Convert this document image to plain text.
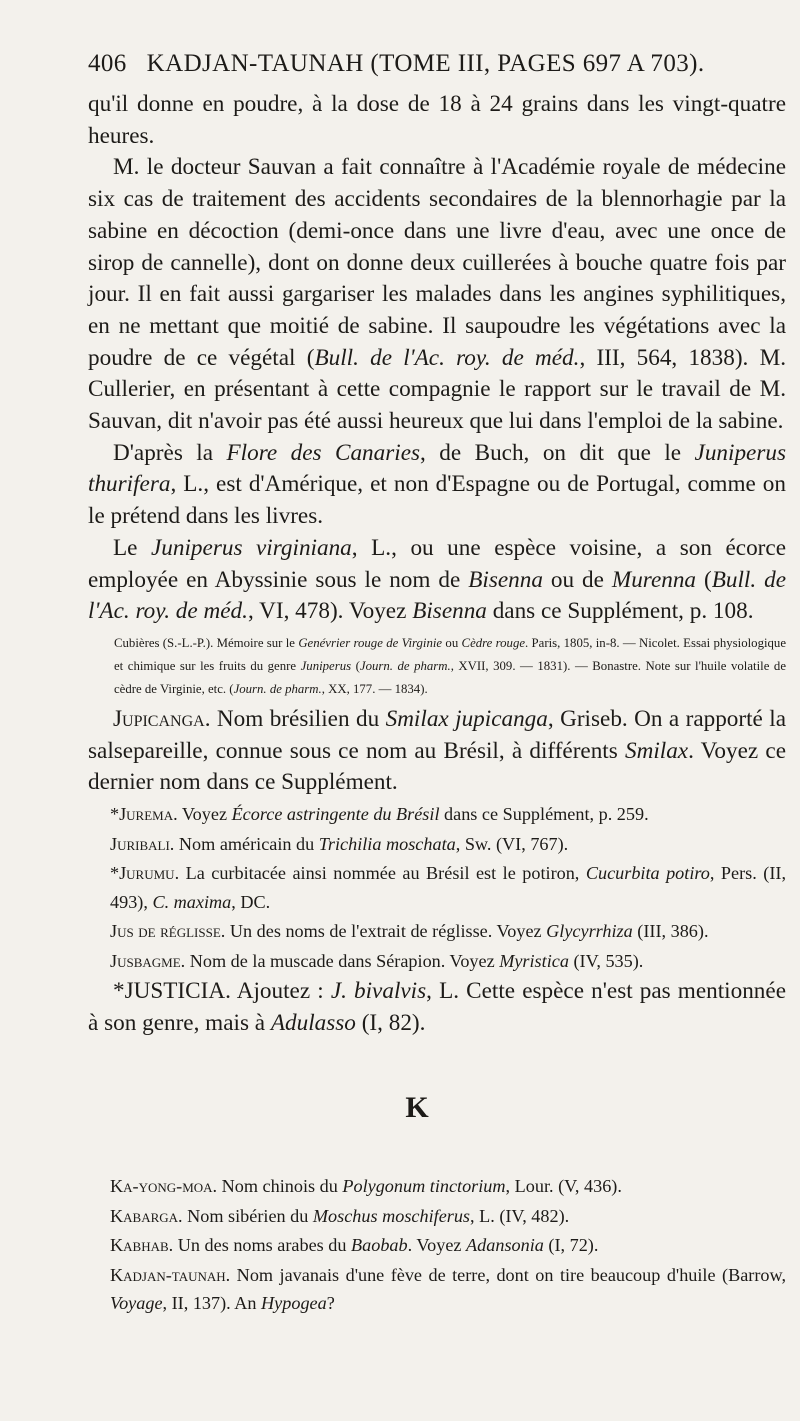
406 KADJAN-TAUNAH (TOME III, PAGES 697 A 703).

qu'il donne en poudre, à la dose de 18 à 24 grains dans les vingt-quatre heures.

M. le docteur Sauvan a fait connaître à l'Académie royale de médecine six cas de traitement des accidents secondaires de la blennorhagie par la sabine en décoction (demi-once dans une livre d'eau, avec une once de sirop de cannelle), dont on donne deux cuillerées à bouche quatre fois par jour. Il en fait aussi gargariser les malades dans les angines syphilitiques, en ne mettant que moitié de sabine. Il saupoudre les végétations avec la poudre de ce végétal (Bull. de l'Ac. roy. de méd., III, 564, 1838). M. Cullerier, en présentant à cette compagnie le rapport sur le travail de M. Sauvan, dit n'avoir pas été aussi heureux que lui dans l'emploi de la sabine.

D'après la Flore des Canaries, de Buch, on dit que le Juniperus thurifera, L., est d'Amérique, et non d'Espagne ou de Portugal, comme on le prétend dans les livres.

Le Juniperus virginiana, L., ou une espèce voisine, a son écorce employée en Abyssinie sous le nom de Bisenna ou de Murenna (Bull. de l'Ac. roy. de méd., VI, 478). Voyez Bisenna dans ce Supplément, p. 108.

Cubières (S.-L.-P.). Mémoire sur le Genévrier rouge de Virginie ou Cèdre rouge. Paris, 1805, in-8. — Nicolet. Essai physiologique et chimique sur les fruits du genre Juniperus (Journ. de pharm., XVII, 309. — 1831). — Bonastre. Note sur l'huile volatile de cèdre de Virginie, etc. (Journ. de pharm., XX, 177. — 1834).

Jupicanga. Nom brésilien du Smilax jupicanga, Griseb. On a rapporté la salsepareille, connue sous ce nom au Brésil, à différents Smilax. Voyez ce dernier nom dans ce Supplément.

*Jurema. Voyez Écorce astringente du Brésil dans ce Supplément, p. 259.

Juribali. Nom américain du Trichilia moschata, Sw. (VI, 767).

*Jurumu. La curbitacée ainsi nommée au Brésil est le potiron, Cucurbita potiro, Pers. (II, 493), C. maxima, DC.

Jus de réglisse. Un des noms de l'extrait de réglisse. Voyez Glycyrrhiza (III, 386).

Jusbagme. Nom de la muscade dans Sérapion. Voyez Myristica (IV, 535).

*JUSTICIA. Ajoutez : J. bivalvis, L. Cette espèce n'est pas mentionnée à son genre, mais à Adulasso (I, 82).

K

Ka-yong-moa. Nom chinois du Polygonum tinctorium, Lour. (V, 436).

Kabarga. Nom sibérien du Moschus moschiferus, L. (IV, 482).

Kabhab. Un des noms arabes du Baobab. Voyez Adansonia (I, 72).

Kadjan-taunah. Nom javanais d'une fève de terre, dont on tire beaucoup d'huile (Barrow, Voyage, II, 137). An Hypogea?
